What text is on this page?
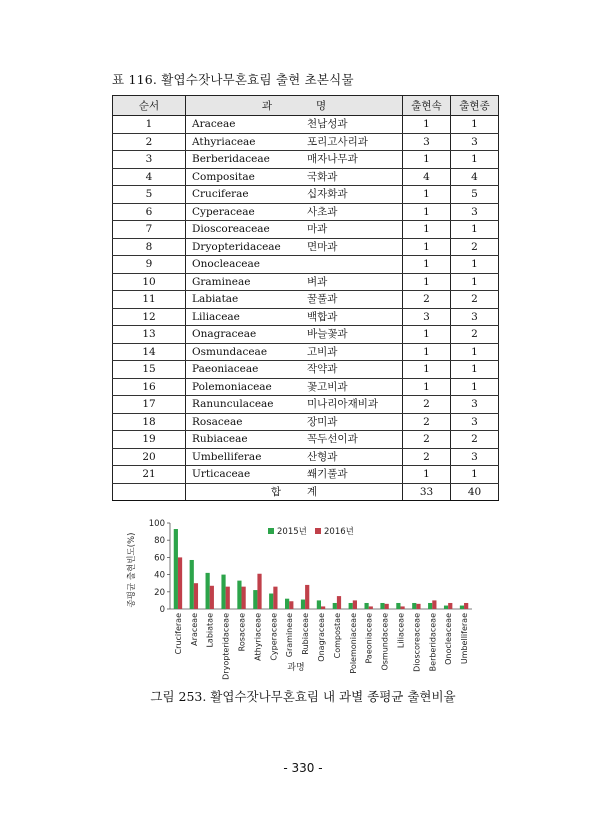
표 116. 활엽수잣나무혼효림 출현 초본식물
순서	과 명		출현속	출현종
1	Araceae	천남성과	1	1
2	Athyriaceae	포리고사리과	3	3
3	Berberidaceae	매자나무과	1	1
4	Compositae	국화과	4	4
5	Cruciferae	십자화과	1	5
6	Cyperaceae	사초과	1	3
7	Dioscoreaceae	마과	1	1
8	Dryopteridaceae	면마과	1	2
9	Onocleaceae		1	1
10	Gramineae	벼과	1	1
11	Labiatae	꿀풀과	2	2
12	Liliaceae	백합과	3	3
13	Onagraceae	바늘꽃과	1	2
14	Osmundaceae	고비과	1	1
15	Paeoniaceae	작약과	1	1
16	Polemoniaceae	꽃고비과	1	1
17	Ranunculaceae	미나리아재비과	2	3
18	Rosaceae	장미과	2	3
19	Rubiaceae	꼭두선이과	2	2
20	Umbelliferae	산형과	2	3
21	Urticaceae	쐐기풀과	1	1
	합 계		33	40
0
20
40
60
80
100
Cruciferae Araceae Labiatae Dryopteridaceae Rosaceae Athyriaceae Cyperaceae Gramineae Rubiaceae Onagraceae Compostae Polemoniaceae Paeoniaceae Osmundaceae Liliaceae Dioscoreaceae Berberidaceae Onocleaceae Umbelliferae
종평균 출현빈도(%)
과명
2015년 2016년
그림 253. 활엽수잣나무혼효림 내 과별 종평균 출현비율
- 330 -
